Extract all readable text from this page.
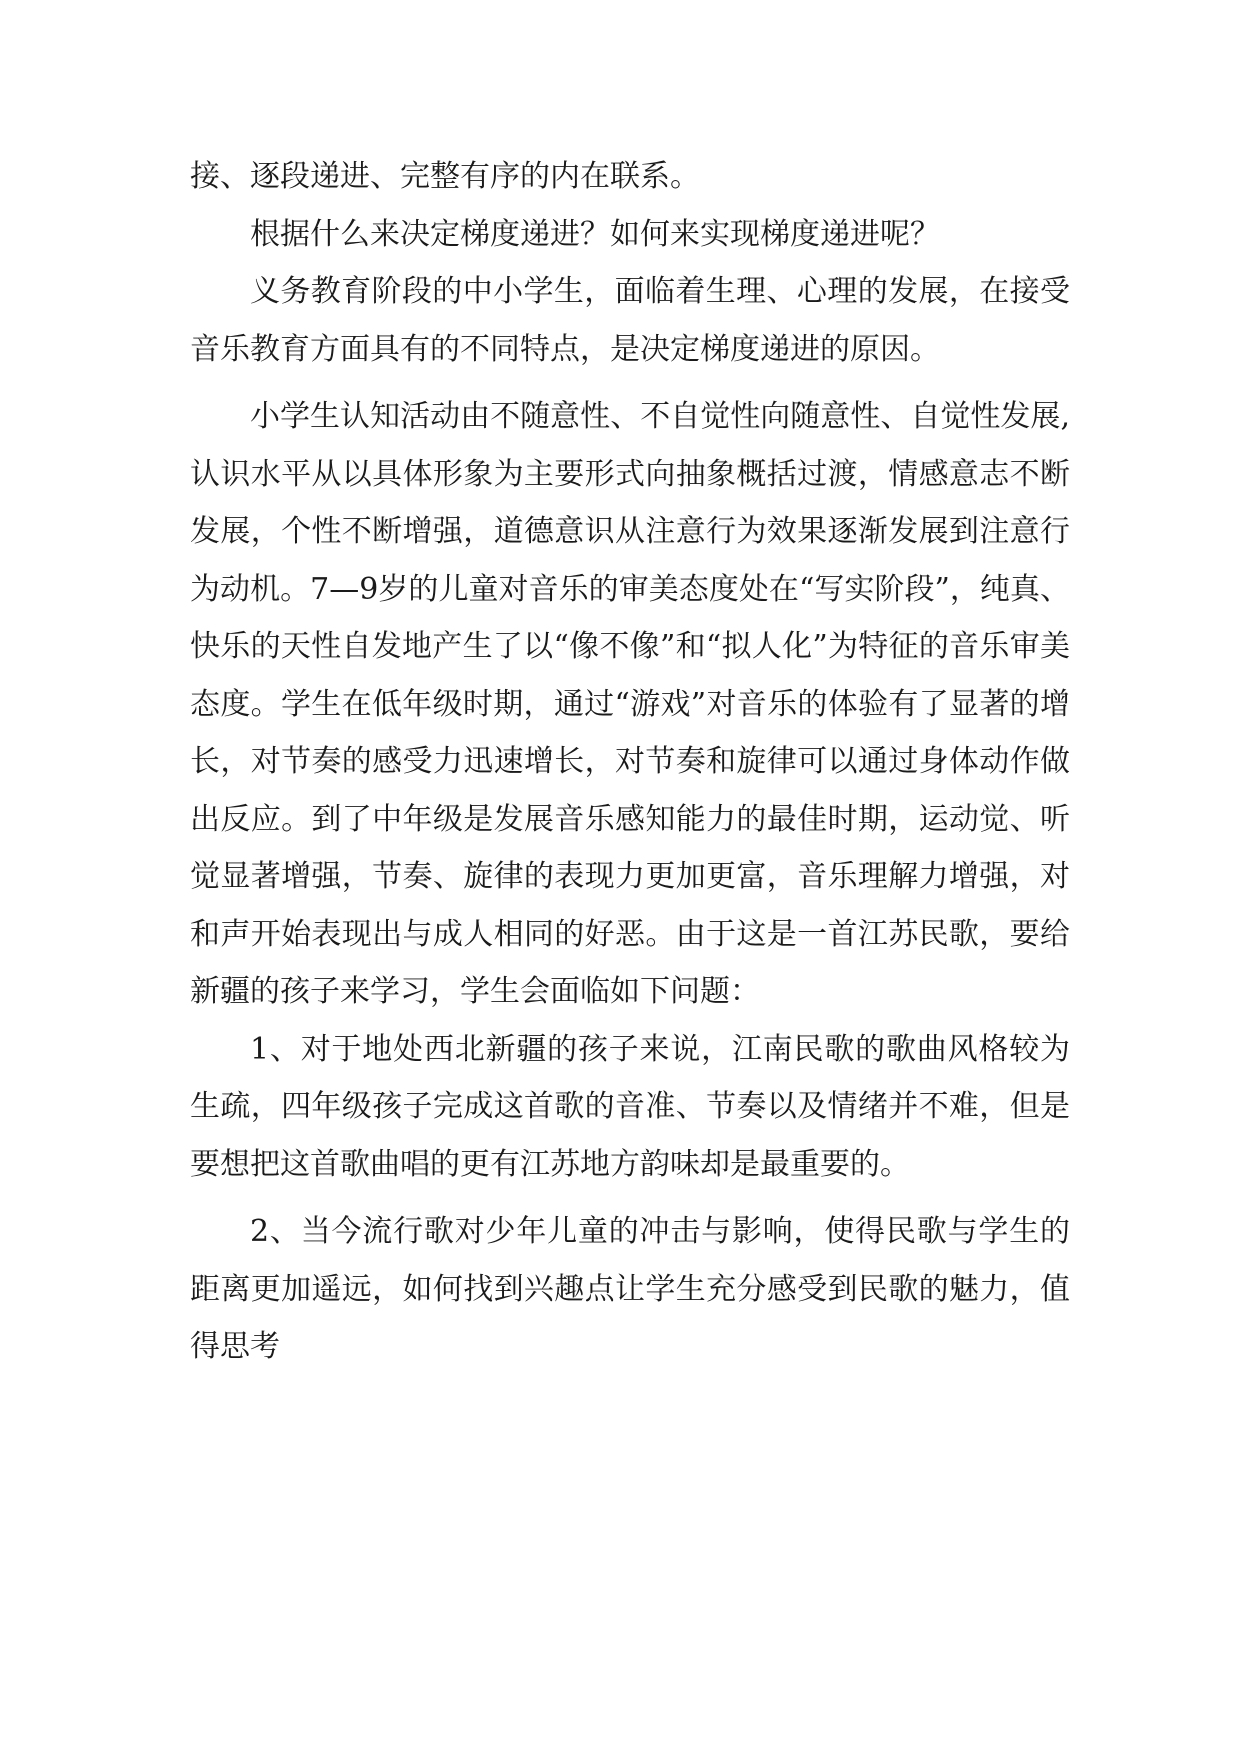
接、逐段递进、完整有序的内在联系。

根据什么来决定梯度递进？如何来实现梯度递进呢？

义务教育阶段的中小学生，面临着生理、心理的发展，在接受音乐教育方面具有的不同特点，是决定梯度递进的原因。

小学生认知活动由不随意性、不自觉性向随意性、自觉性发展,认识水平从以具体形象为主要形式向抽象概括过渡，情感意志不断发展，个性不断增强，道德意识从注意行为效果逐渐发展到注意行为动机。7—9岁的儿童对音乐的审美态度处在“写实阶段”，纯真、快乐的天性自发地产生了以“像不像”和“拟人化”为特征的音乐审美态度。学生在低年级时期，通过“游戏”对音乐的体验有了显著的增长，对节奏的感受力迅速增长，对节奏和旋律可以通过身体动作做出反应。到了中年级是发展音乐感知能力的最佳时期，运动觉、听觉显著增强，节奏、旋律的表现力更加更富，音乐理解力增强，对和声开始表现出与成人相同的好恶。由于这是一首江苏民歌，要给新疆的孩子来学习，学生会面临如下问题：

1、对于地处西北新疆的孩子来说，江南民歌的歌曲风格较为生疏，四年级孩子完成这首歌的音准、节奏以及情绪并不难，但是要想把这首歌曲唱的更有江苏地方韵味却是最重要的。

2、当今流行歌对少年儿童的冲击与影响，使得民歌与学生的距离更加遥远，如何找到兴趣点让学生充分感受到民歌的魅力，值得思考
